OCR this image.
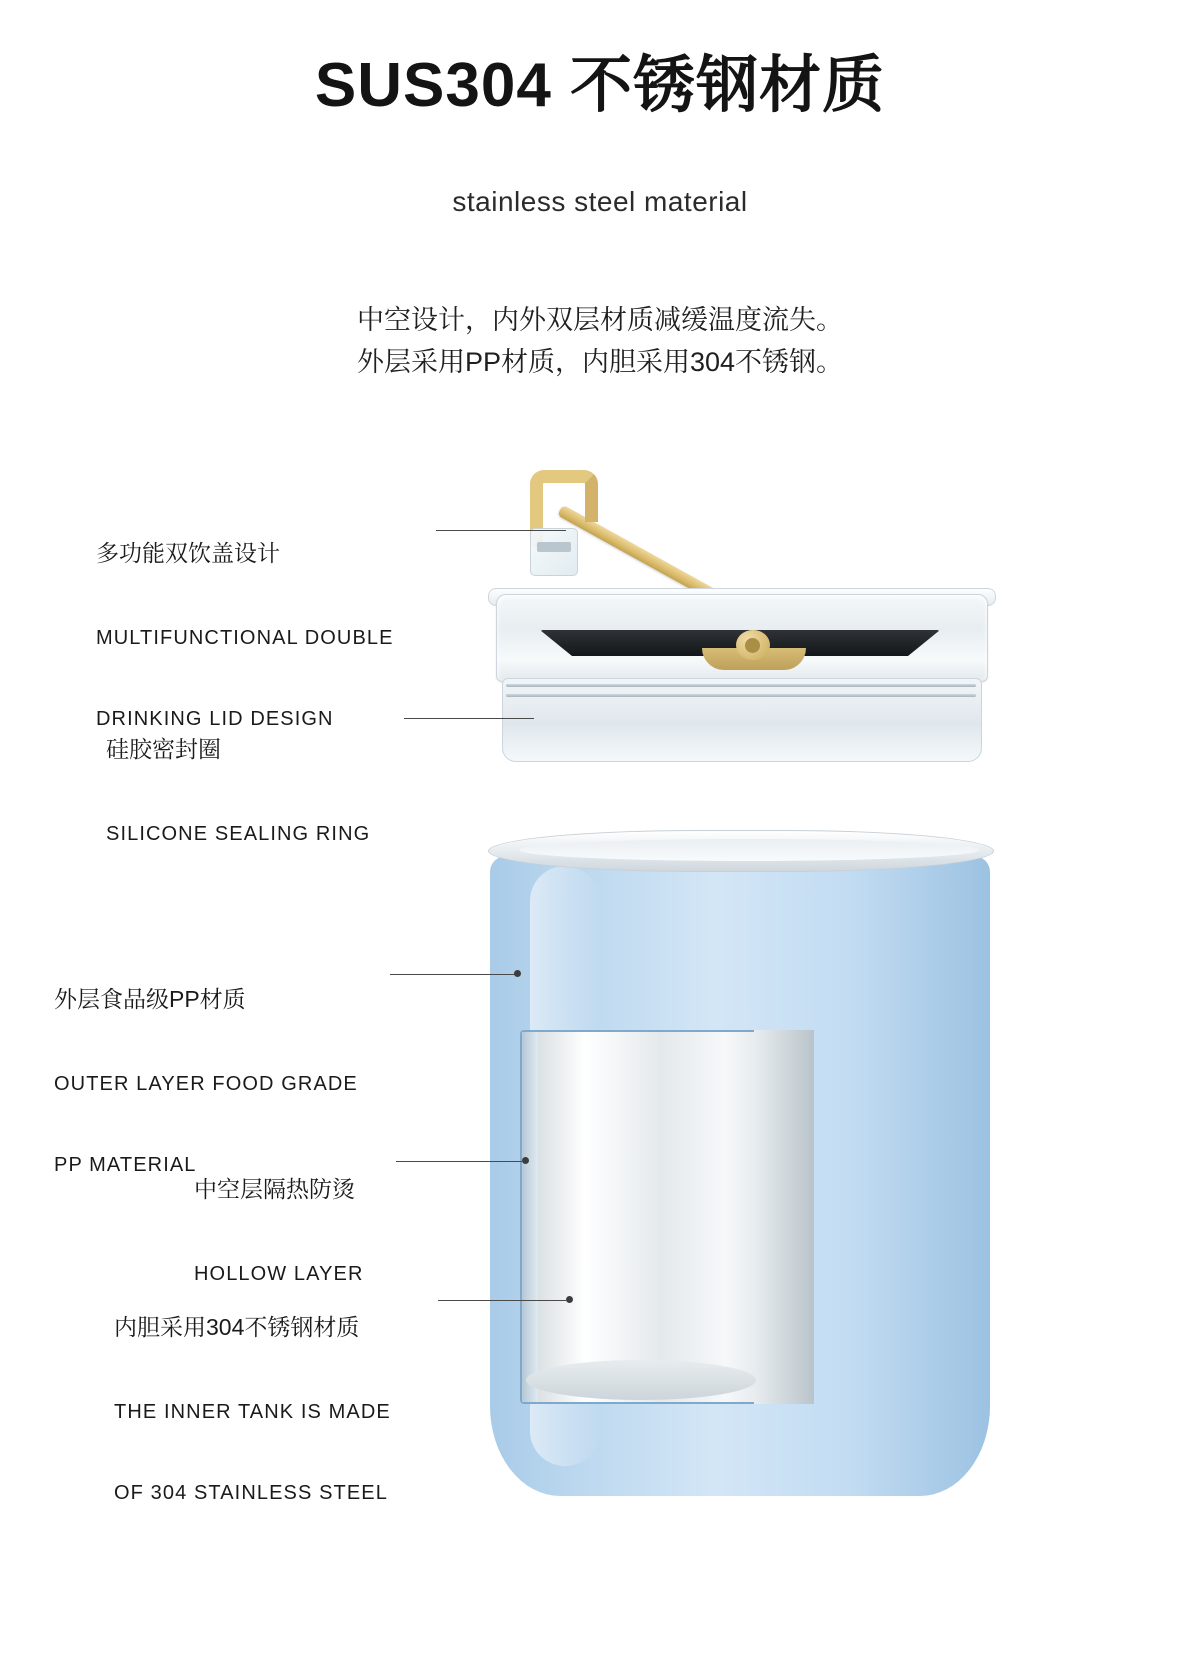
SUS304 不锈钢材质
stainless steel material
中空设计，内外双层材质减缓温度流失。
外层采用PP材质，内胆采用304不锈钢。

多功能双饮盖设计

MULTIFUNCTIONAL DOUBLE

DRINKING LID DESIGN

硅胶密封圈

SILICONE SEALING RING

外层食品级PP材质

OUTER LAYER FOOD GRADE

PP MATERIAL

中空层隔热防烫

HOLLOW LAYER

内胆采用304不锈钢材质

THE INNER TANK IS MADE

OF 304 STAINLESS STEEL
